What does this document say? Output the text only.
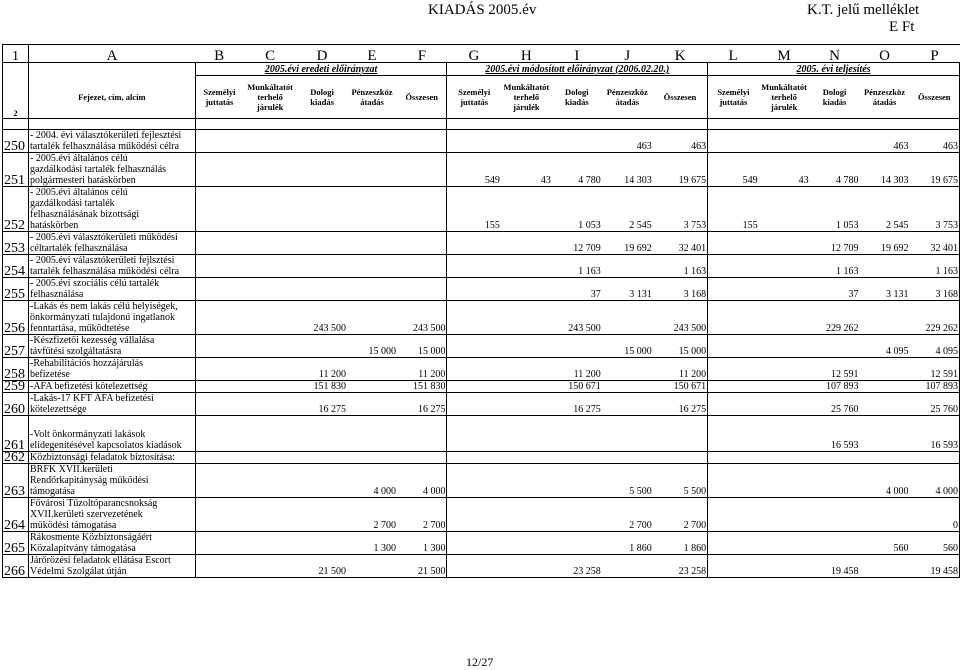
KIADÁS 2005.év	K.T. jelű melléklet
E Ft
1	A	B	C	D	E	F	G	H	I	J	K	L	M	N	O	P
		2005.évi eredeti előirányzat					2005.évi módosított előirányzat (2006.02.20.)					2005. évi teljesítés				
2	Fejezet, cím, alcím	Személyi juttatás	Munkáltatót terhelő járulék	Dologi kiadás	Pénzeszköz átadás	Összesen	Személyi juttatás	Munkáltatót terhelő járulék	Dologi kiadás	Pénzeszköz átadás	Összesen	Személyi juttatás	Munkáltatót terhelő járulék	Dologi kiadás	Pénzeszköz átadás	Összesen

250	- 2004. évi választókerületi fejlesztési
tartalék felhasználása működési célra									463	463				463	463
251	- 2005.évi általános célú
gazdálkodási tartalék felhasználás
polgármesteri hatáskörben						549	43	4 780	14 303	19 675	549	43	4 780	14 303	19 675
252	- 2005.évi általános célú
gazdálkodási tartalék
felhasználásának bizottsági
hatáskörben						155		1 053	2 545	3 753	155		1 053	2 545	3 753
253	- 2005.évi választókerületi működési
céltartalék felhasználása								12 709	19 692	32 401			12 709	19 692	32 401
254	- 2005.évi választókerületi fejlsztési
tartalék felhasználása működési célra								1 163		1 163			1 163		1 163
255	- 2005.évi szociális célú tartalék
felhasználása								37	3 131	3 168			37	3 131	3 168
256	-Lakás és nem lakás célú helyiségek,
önkormányzati tulajdonú ingatlanok
fenntartása, működtetése			243 500		243 500			243 500		243 500			229 262		229 262
257	-Készfizetői kezesség vállalása
távfűtési szolgáltatásra				15 000	15 000				15 000	15 000				4 095	4 095
258	-Rehabilitációs hozzájárulás
befizetése			11 200		11 200			11 200		11 200			12 591		12 591
259	-ÁFA befizetési kötelezettség			151 830		151 830			150 671		150 671			107 893		107 893
260	-Lakás-17 KFT ÁFA befizetési
kötelezettsége			16 275		16 275			16 275		16 275			25 760		25 760
261	-Volt önkormányzati lakások
elidegenítésével kapcsolatos kiadások													16 593		16 593
262	Közbiztonsági feladatok biztosítása:															

263	BRFK XVII.kerületi
Rendőrkapitányság működési
támogatása				4 000	4 000				5 500	5 500				4 000	4 000
264	Fővárosi Tűzoltóparancsnokság
XVII.kerületi szervezetének
működési támogatása				2 700	2 700				2 700	2 700					0
265	Rákosmente Közbiztonságáért
Közalapítvány támogatása				1 300	1 300				1 860	1 860				560	560
266	Járőrözési feladatok ellátása Escort
Védelmi Szolgálat útján			21 500		21 500			23 258		23 258			19 458		19 458
12/27
